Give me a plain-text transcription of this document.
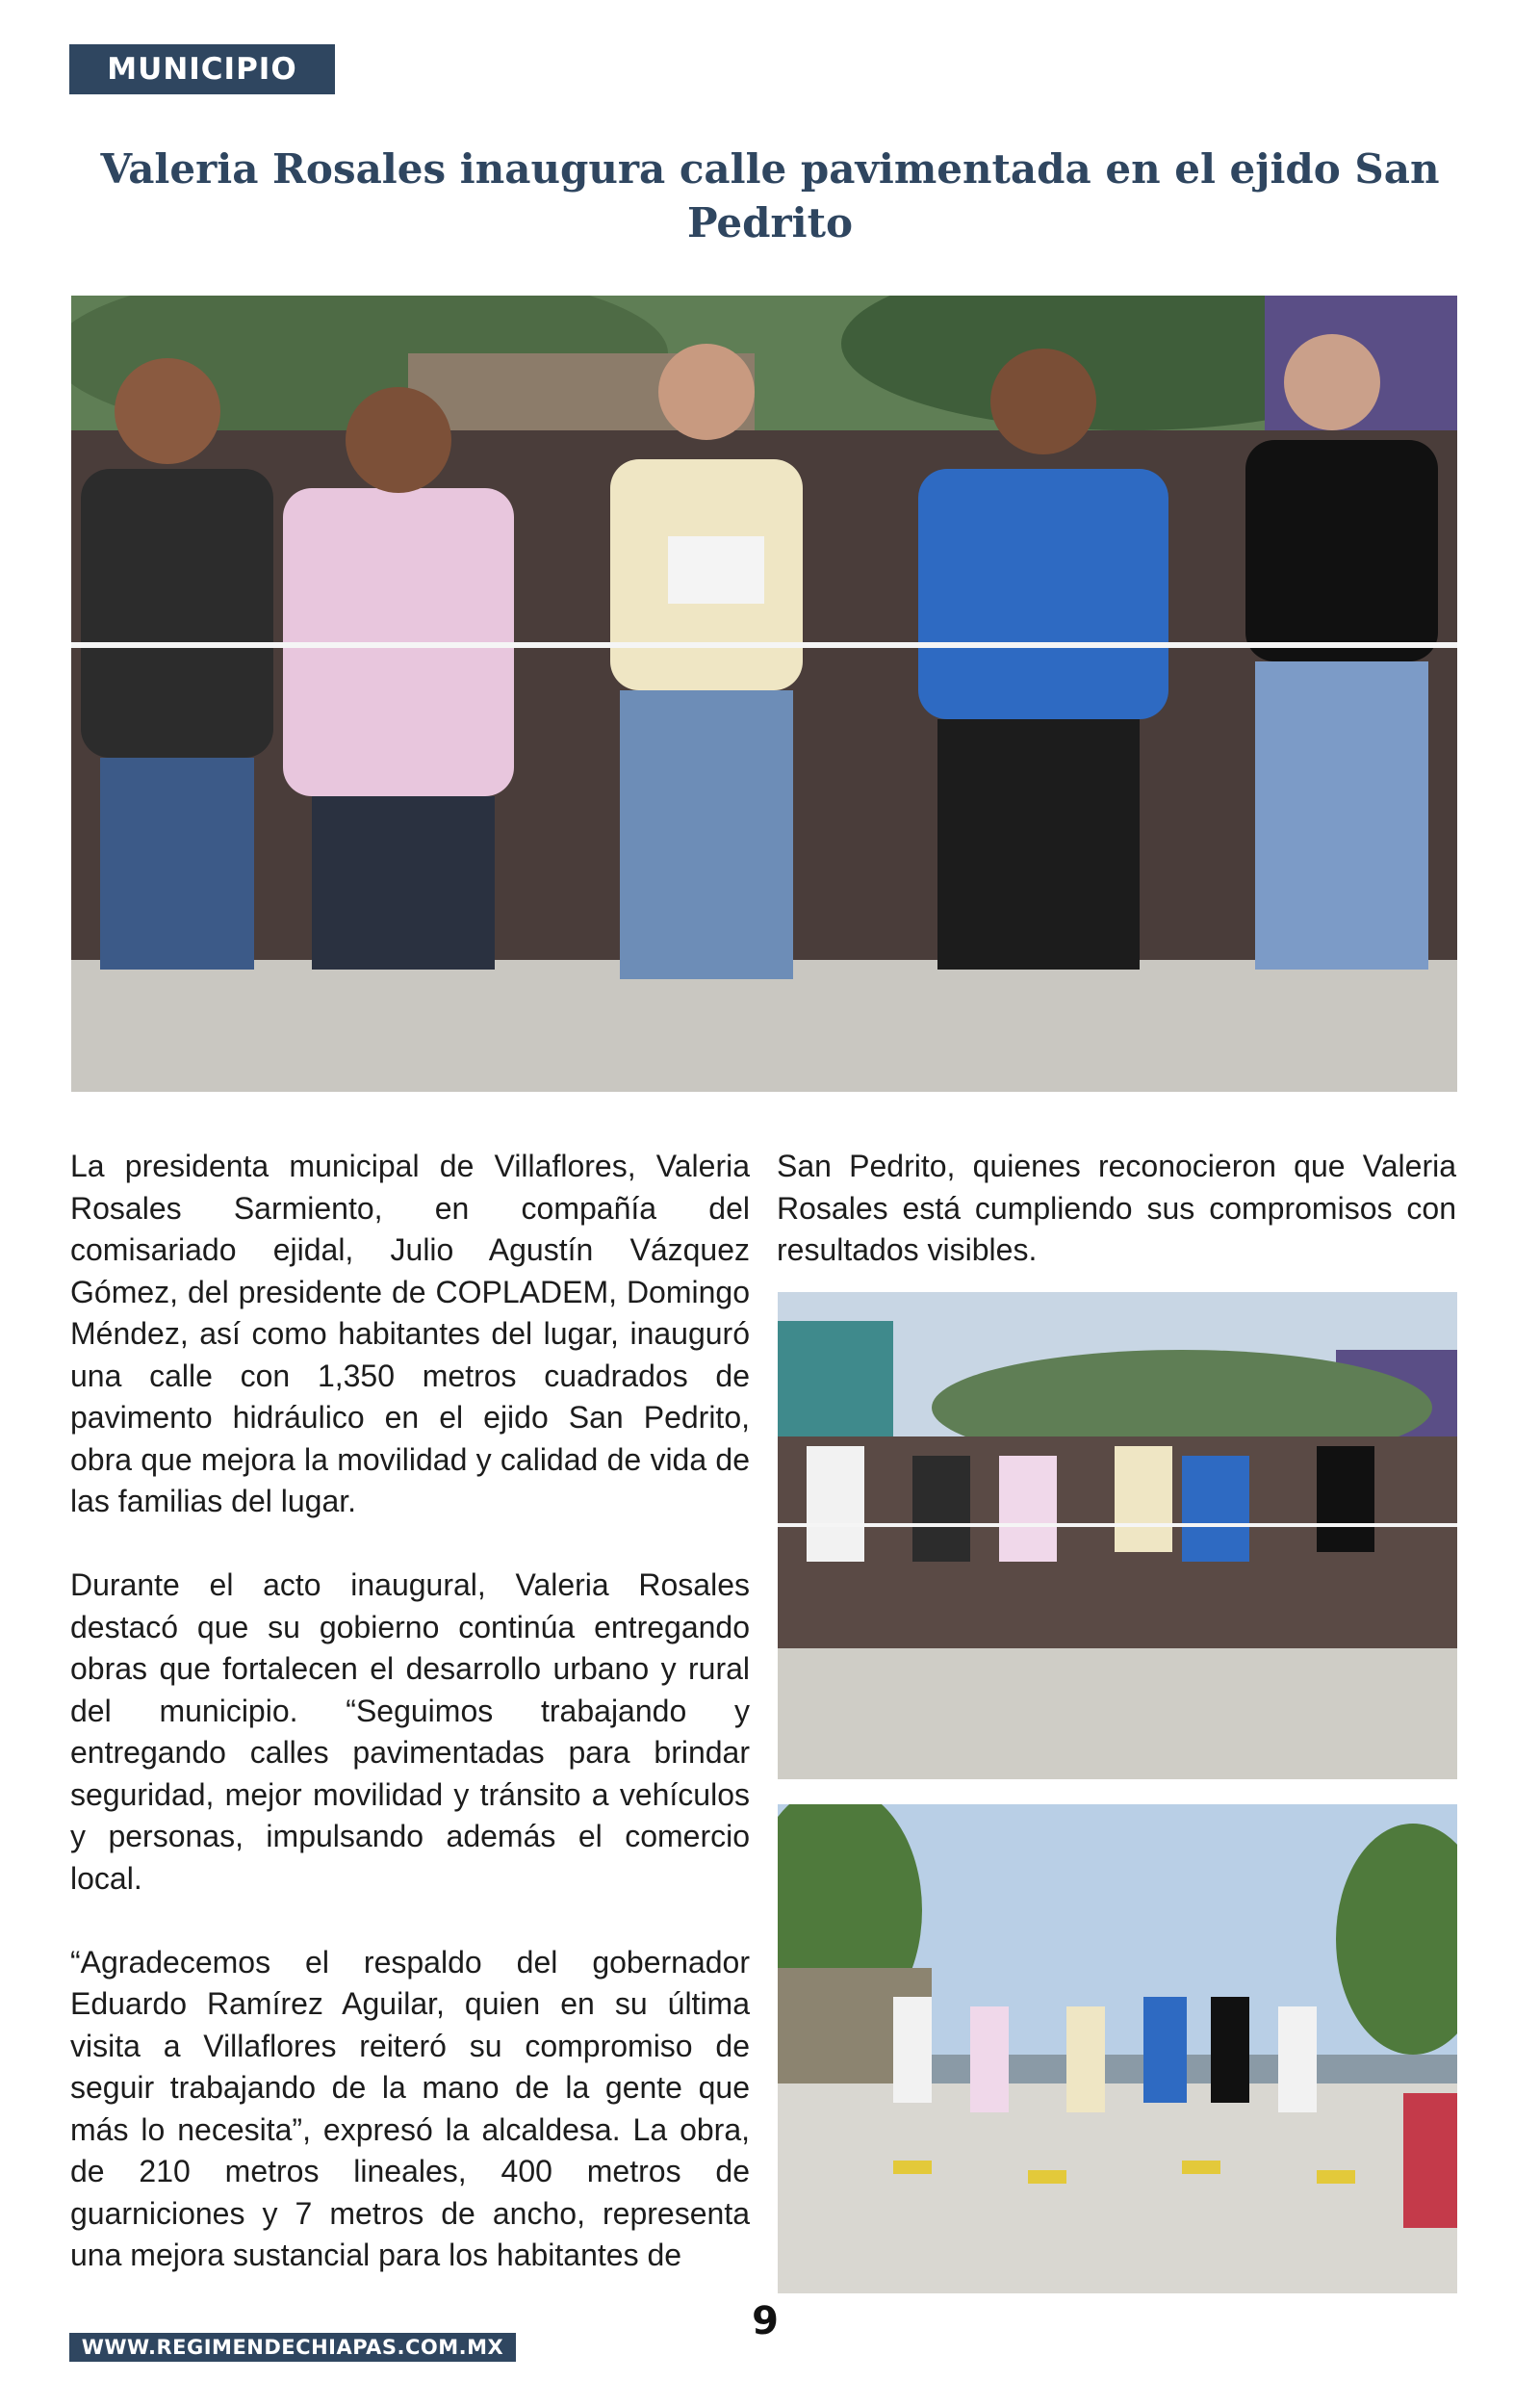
MUNICIPIO
Valeria Rosales inaugura calle pavimentada en el ejido San Pedrito

La presidenta municipal de Villaflores, Valeria Rosales Sarmiento, en compañía del comisariado ejidal, Julio Agustín Vázquez Gómez, del presidente de COPLADEM, Domingo Méndez, así como habitantes del lugar, inauguró una calle con 1,350 metros cuadrados de pavimento hidráulico en el ejido San Pedrito, obra que mejora la movilidad y calidad de vida de las familias del lugar.

Durante el acto inaugural, Valeria Rosales destacó que su gobierno continúa entregando obras que fortalecen el desarrollo urbano y rural del municipio. “Seguimos trabajando y entregando calles pavimentadas para brindar seguridad, mejor movilidad y tránsito a vehículos y personas, impulsando además el comercio local.

“Agradecemos el respaldo del gobernador Eduardo Ramírez Aguilar, quien en su última visita a Villaflores reiteró su compromiso de seguir trabajando de la mano de la gente que más lo necesita”, expresó la alcaldesa. La obra, de 210 metros lineales, 400 metros de guarniciones y 7 metros de ancho, representa una mejora sustancial para los habitantes de

San Pedrito, quienes reconocieron que Valeria Rosales está cumpliendo sus compromisos con resultados visibles.

WWW.REGIMENDECHIAPAS.COM.MX
9
